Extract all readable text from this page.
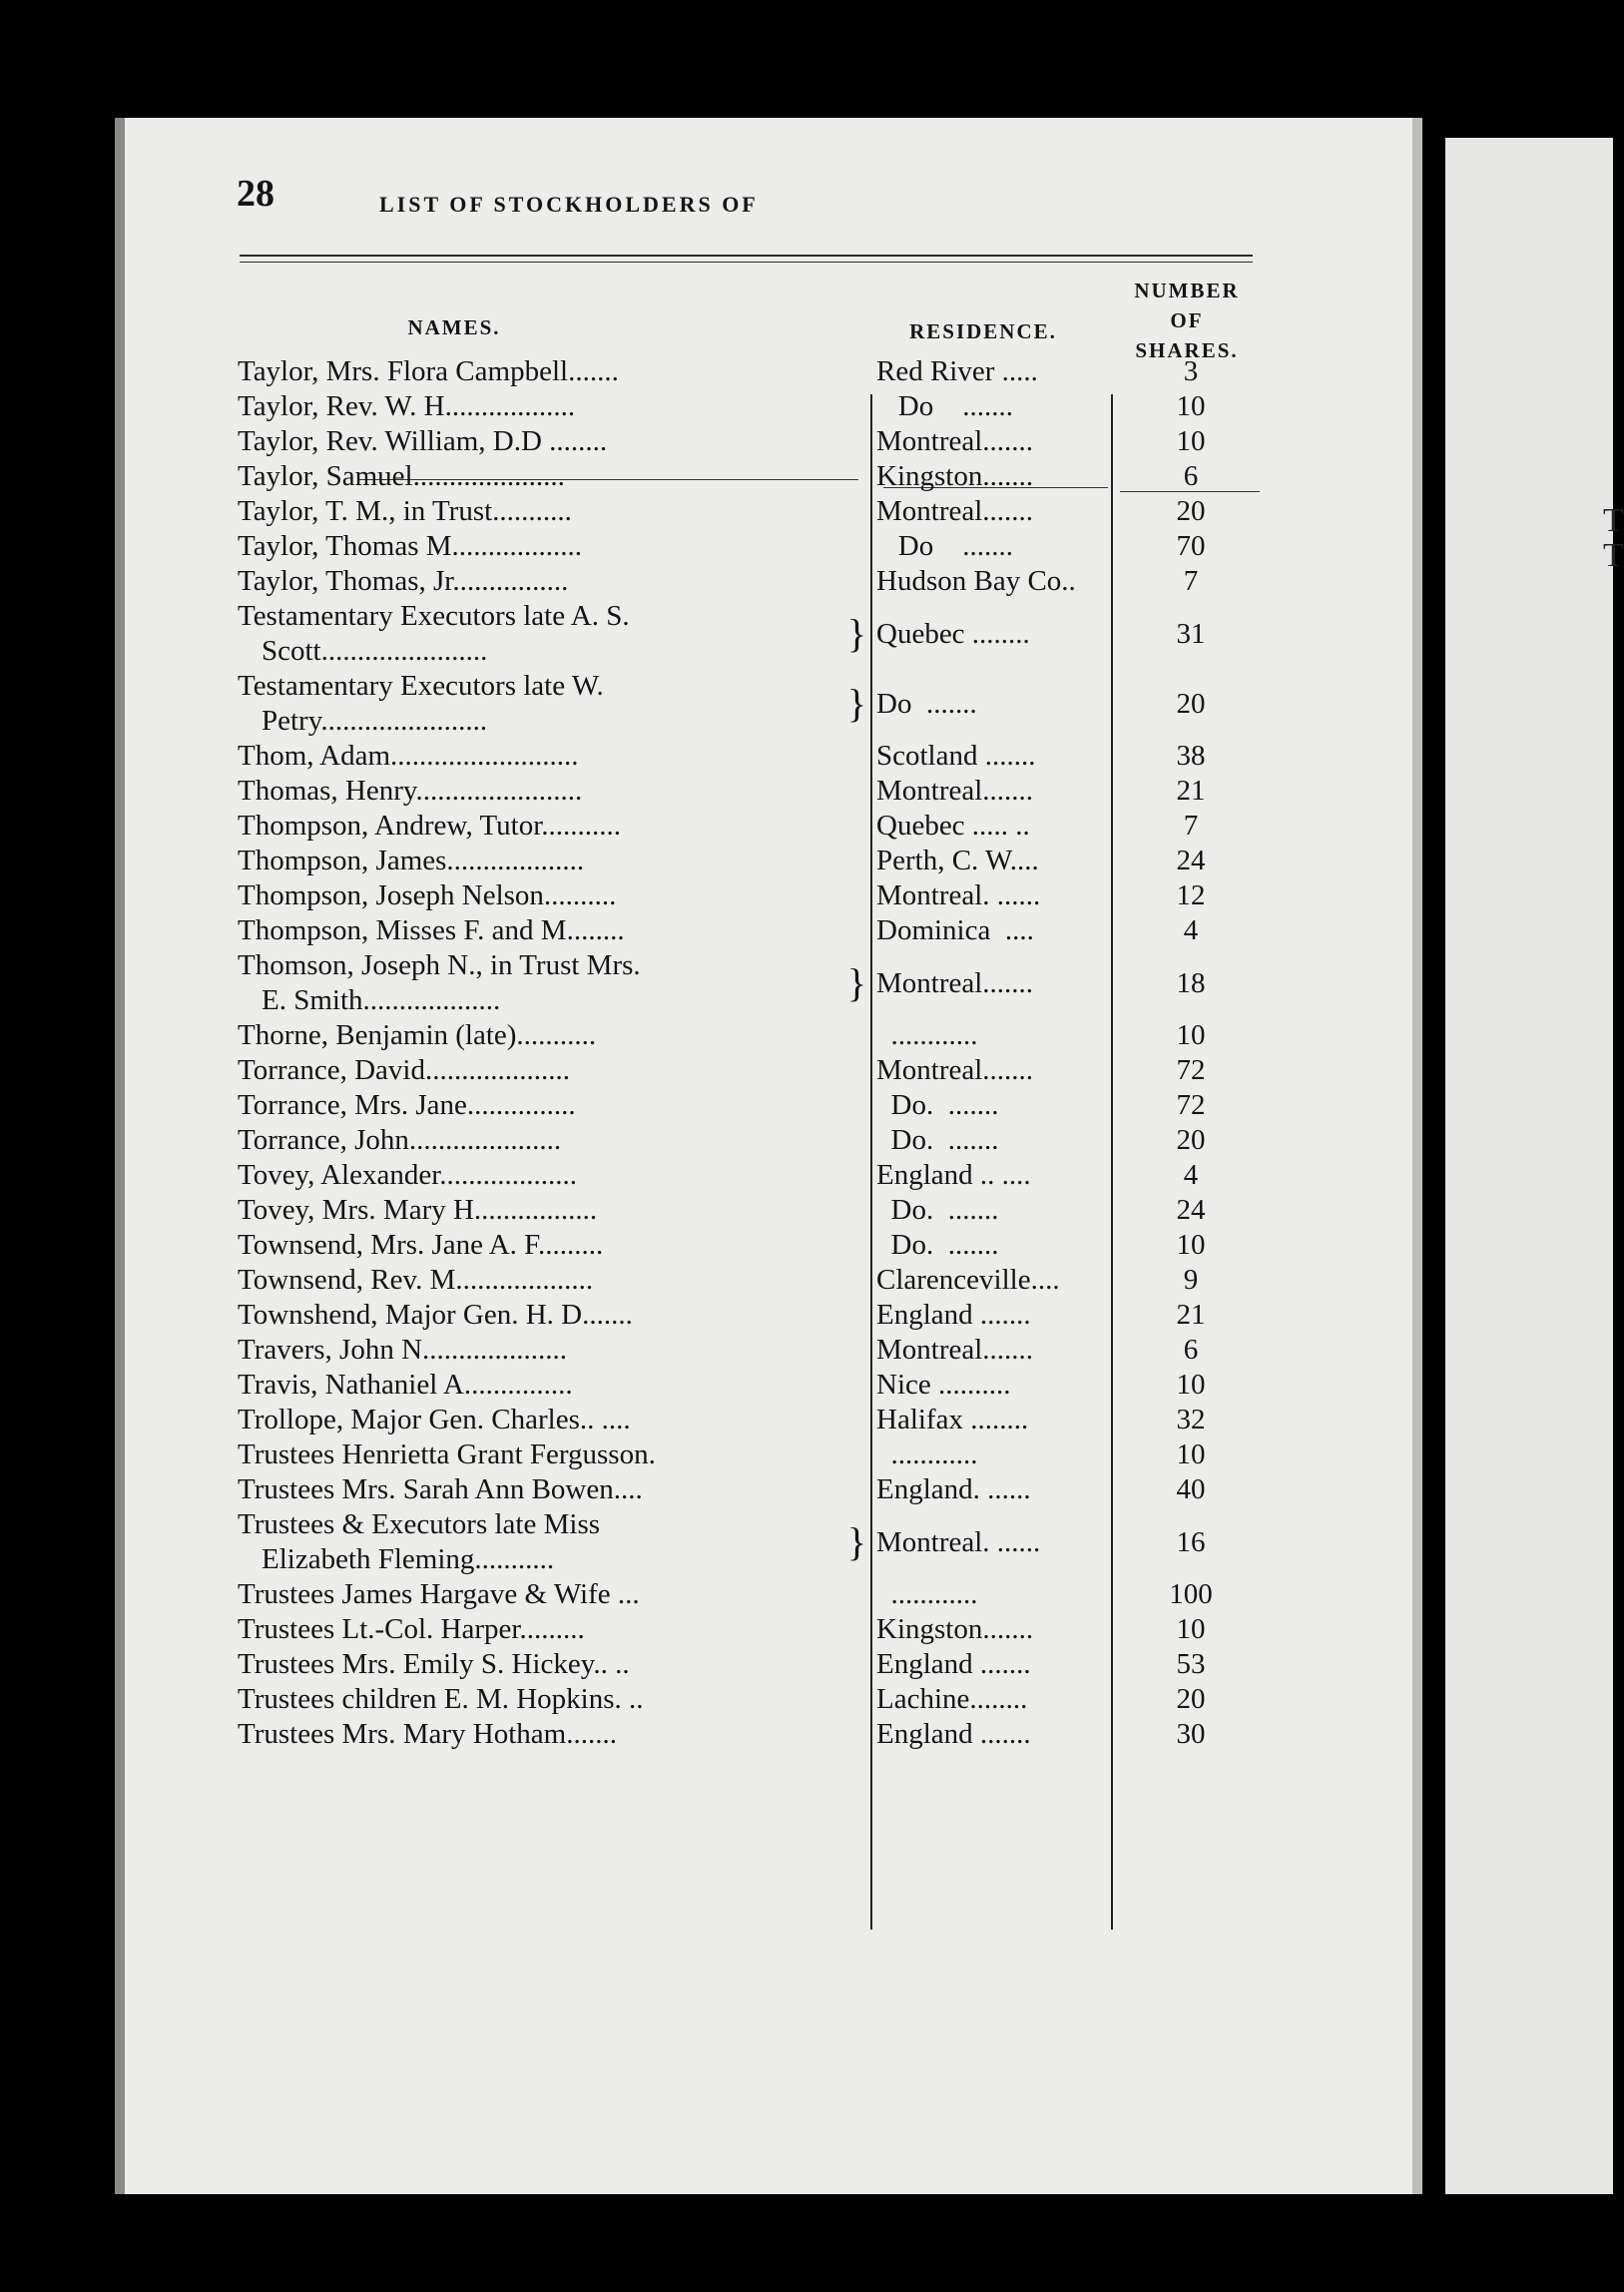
T
T
28	LIST OF STOCKHOLDERS OF
NAMES.	RESIDENCE.
NUMBER
OF
SHARES.
Taylor, Mrs. Flora Campbell.......	Red River .....	3
Taylor, Rev. W. H..................	Do    .......	10
Taylor, Rev. William, D.D ........	Montreal.......	10
Taylor, Samuel.....................	Kingston.......	6
Taylor, T. M., in Trust...........	Montreal.......	20
Taylor, Thomas M..................	Do    .......	70
Taylor, Thomas, Jr................	Hudson Bay Co..	7

Testamentary Executors late A. S.
Scott....................... }	Quebec ........	31

Testamentary Executors late W.
Petry....................... }	Do  .......	20
Thom, Adam..........................	Scotland .......	38
Thomas, Henry.......................	Montreal.......	21
Thompson, Andrew, Tutor...........	Quebec ..... ..	7
Thompson, James...................	Perth, C. W....	24
Thompson, Joseph Nelson..........	Montreal. ......	12
Thompson, Misses F. and M........	Dominica  ....	4

Thomson, Joseph N., in Trust Mrs.
E. Smith................... }	Montreal.......	18
Thorne, Benjamin (late)...........	............	10
Torrance, David....................	Montreal.......	72
Torrance, Mrs. Jane...............	Do.  .......	72
Torrance, John.....................	Do.  .......	20
Tovey, Alexander...................	England .. ....	4
Tovey, Mrs. Mary H.................	Do.  .......	24
Townsend, Mrs. Jane A. F.........	Do.  .......	10
Townsend, Rev. M...................	Clarenceville....	9
Townshend, Major Gen. H. D.......	England .......	21
Travers, John N....................	Montreal.......	6
Travis, Nathaniel A...............	Nice ..........	10
Trollope, Major Gen. Charles.. ....	Halifax ........	32
Trustees Henrietta Grant Fergusson.	............	10
Trustees Mrs. Sarah Ann Bowen....	England. ......	40

Trustees & Executors late Miss
Elizabeth Fleming........... }	Montreal. ......	16
Trustees James Hargave & Wife ...	............	100
Trustees Lt.-Col. Harper.........	Kingston.......	10
Trustees Mrs. Emily S. Hickey.. ..	England .......	53
Trustees children E. M. Hopkins. ..	Lachine........	20
Trustees Mrs. Mary Hotham.......	England .......	30
